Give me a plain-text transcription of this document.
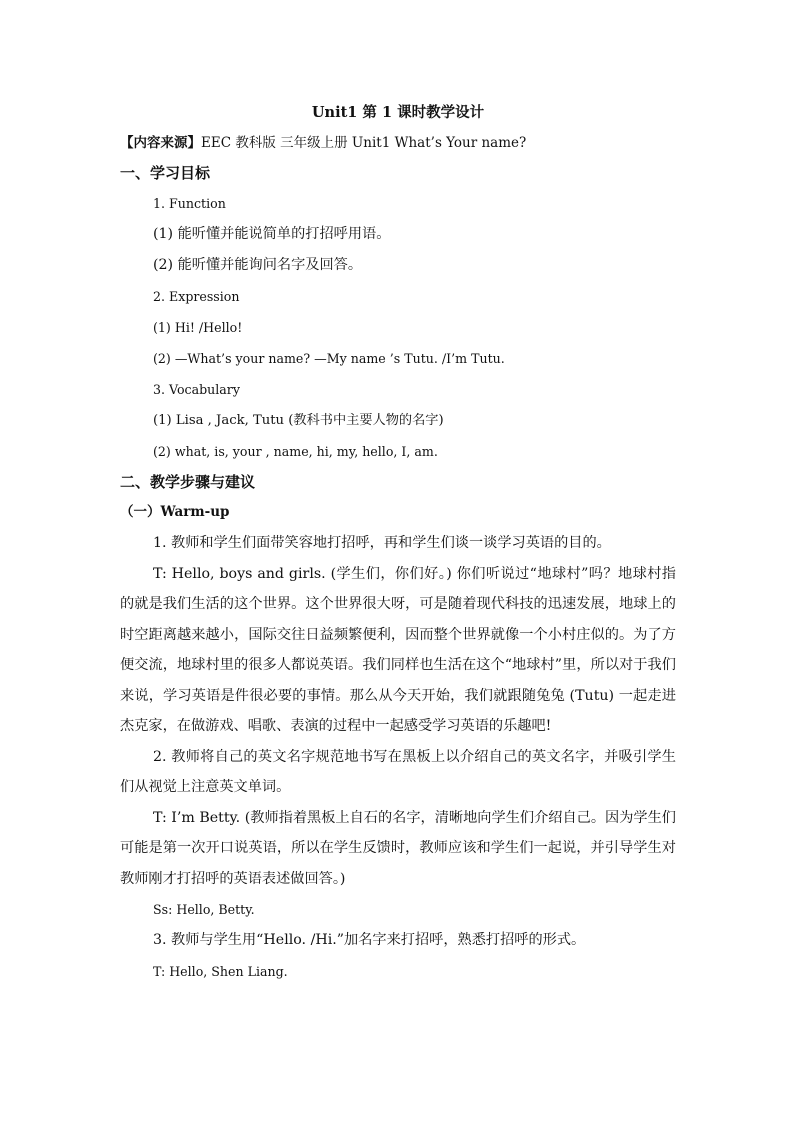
Unit1 第 1 课时教学设计

【内容来源】EEC 教科版 三年级上册 Unit1 What’s Your name?

一、学习目标

1. Function

(1) 能听懂并能说简单的打招呼用语。

(2) 能听懂并能询问名字及回答。

2. Expression

(1) Hi! /Hello!

(2) —What’s your name? —My name ’s Tutu. /I’m Tutu.

3. Vocabulary

(1) Lisa , Jack, Tutu (教科书中主要人物的名字)

(2) what, is, your , name, hi, my, hello, I, am.

二、教学步骤与建议

（一）Warm-up

1. 教师和学生们面带笑容地打招呼，再和学生们谈一谈学习英语的目的。

T: Hello, boys and girls. (学生们，你们好。) 你们听说过“地球村”吗？地球村指的就是我们生活的这个世界。这个世界很大呀，可是随着现代科技的迅速发展，地球上的时空距离越来越小，国际交往日益频繁便利，因而整个世界就像一个小村庄似的。为了方便交流，地球村里的很多人都说英语。我们同样也生活在这个“地球村”里，所以对于我们来说，学习英语是件很必要的事情。那么从今天开始，我们就跟随兔兔 (Tutu) 一起走进杰克家，在做游戏、唱歌、表演的过程中一起感受学习英语的乐趣吧!

2. 教师将自己的英文名字规范地书写在黑板上以介绍自己的英文名字，并吸引学生们从视觉上注意英文单词。

T: I’m Betty. (教师指着黑板上自石的名字，清晰地向学生们介绍自己。因为学生们 可能是第一次开口说英语，所以在学生反馈时，教师应该和学生们一起说，并引导学生对教师刚才打招呼的英语表述做回答。)

Ss: Hello, Betty.

3. 教师与学生用“Hello. /Hi.”加名字来打招呼，熟悉打招呼的形式。

T: Hello, Shen Liang.
